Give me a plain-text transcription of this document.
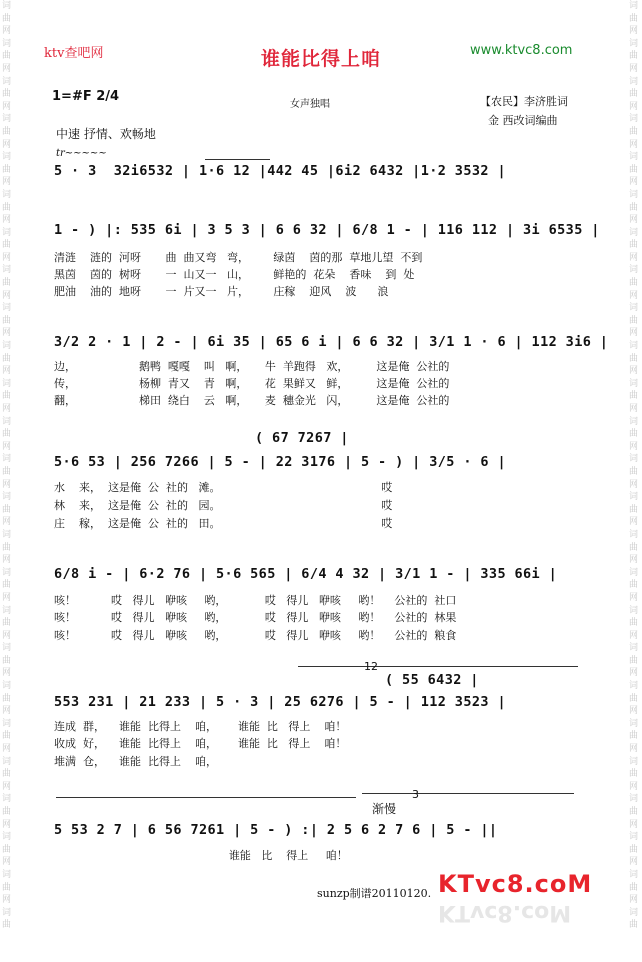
词
曲
网
词
曲
网
词
曲
网
词
曲
网
词
曲
网
词
曲
网
词
曲
网
词
曲
网
词
曲
网
词
曲
网
词
曲
网
词
曲
网
词
曲
网
词
曲
网
词
曲
网
词
曲
网
词
曲
网
词
曲
网
词
曲
网
词
曲
网
词
曲
网
词
曲
网
词
曲
网
词
曲
网
词
曲
词
曲
网
词
曲
网
词
曲
网
词
曲
网
词
曲
网
词
曲
网
词
曲
网
词
曲
网
词
曲
网
词
曲
网
词
曲
网
词
曲
网
词
曲
网
词
曲
网
词
曲
网
词
曲
网
词
曲
网
词
曲
网
词
曲
网
词
曲
网
词
曲
网
词
曲
网
词
曲
网
词
曲
网
词
曲
ktv查吧网	谁能比得上咱	www.ktvc8.com
1=#F 2/4
女声独唱	【农民】李济胜词
金 西改词编曲
中速 抒情、欢畅地
tr~~~~~
5 · 3  32i6532 | 1·6 12 |442 45 |6i2 6432 |1·2 3532 |
1 - ) |: 535 6i | 3 5 3 | 6 6 32 | 6/8 1 - | 116 112 | 3i 6535 |
清涟    涟的  河呀       曲  曲又弯   弯，       绿茵    茵的那  草地儿望  不到
黑茵    茵的  树呀       一  山又一   山，       鲜艳的  花朵    香味    到  处
肥油    油的  地呀       一  片又一   片，       庄稼    迎风    波      浪
3/2 2 · 1 | 2 - | 6i 35 | 65 6 i | 6 6 32 | 3/1 1 · 6 | 112 3i6 |
边，                  鹅鸭  嘎嘎    叫   啊，     牛  羊跑得   欢，        这是俺  公社的
传，                  杨柳  青又    青   啊，     花  果鲜又   鲜，        这是俺  公社的
翻，                  梯田  绕白    云   啊，     麦  穗金光   闪，        这是俺  公社的
( 67 7267 |
5·6 53 | 256 7266 | 5 - | 22 3176 | 5 - ) | 3/5 · 6 |
水    来，  这是俺  公  社的   滩。                                              哎
林    来，  这是俺  公  社的   园。                                              哎
庄    稼，  这是俺  公  社的   田。                                              哎
6/8 i - | 6·2 76 | 5·6 565 | 6/4 4 32 | 3/1 1 - | 335 66i |
咳！          哎   得儿   咿咳     哟，           哎   得儿   咿咳     哟！    公社的  社口
咳！          哎   得儿   咿咳     哟，           哎   得儿   咿咳     哟！    公社的  林果
咳！          哎   得儿   咿咳     哟，           哎   得儿   咿咳     哟！    公社的  粮食
12
( 55 6432 |
553 231 | 21 233 | 5 · 3 | 25 6276 | 5 - | 112 3523 |
连成  群，    谁能  比得上    咱，      谁能  比   得上    咱！
收成  好，    谁能  比得上    咱，      谁能  比   得上    咱！
堆满  仓，    谁能  比得上    咱，
3
渐慢
5 53 2 7 | 6 56 7261 | 5 - ) :| 2 5 6 2 7 6 | 5 - ||
谁能   比    得上     咱！
sunzp制谱20110120. KTvc8.coM
KTvc8.coM
